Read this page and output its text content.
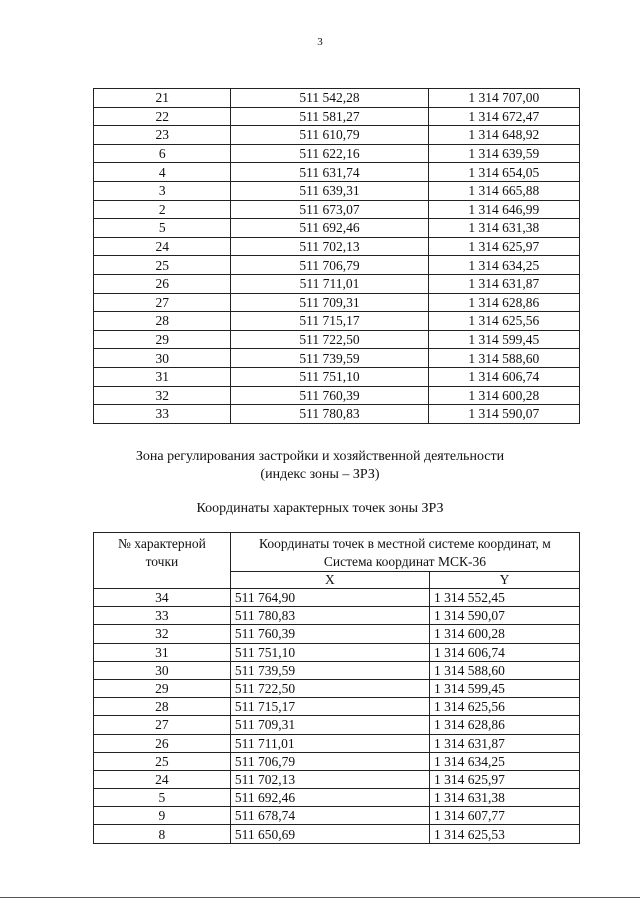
3
21	511 542,28	1 314 707,00
22	511 581,27	1 314 672,47
23	511 610,79	1 314 648,92
6	511 622,16	1 314 639,59
4	511 631,74	1 314 654,05
3	511 639,31	1 314 665,88
2	511 673,07	1 314 646,99
5	511 692,46	1 314 631,38
24	511 702,13	1 314 625,97
25	511 706,79	1 314 634,25
26	511 711,01	1 314 631,87
27	511 709,31	1 314 628,86
28	511 715,17	1 314 625,56
29	511 722,50	1 314 599,45
30	511 739,59	1 314 588,60
31	511 751,10	1 314 606,74
32	511 760,39	1 314 600,28
33	511 780,83	1 314 590,07
Зона регулирования застройки и хозяйственной деятельности
(индекс зоны – ЗРЗ)
Координаты характерных точек зоны ЗРЗ
№ характерной
точки	Координаты точек в местной системе координат, м
Система координат МСК-36	
	X	Y
34	511 764,90	1 314 552,45
33	511 780,83	1 314 590,07
32	511 760,39	1 314 600,28
31	511 751,10	1 314 606,74
30	511 739,59	1 314 588,60
29	511 722,50	1 314 599,45
28	511 715,17	1 314 625,56
27	511 709,31	1 314 628,86
26	511 711,01	1 314 631,87
25	511 706,79	1 314 634,25
24	511 702,13	1 314 625,97
5	511 692,46	1 314 631,38
9	511 678,74	1 314 607,77
8	511 650,69	1 314 625,53
